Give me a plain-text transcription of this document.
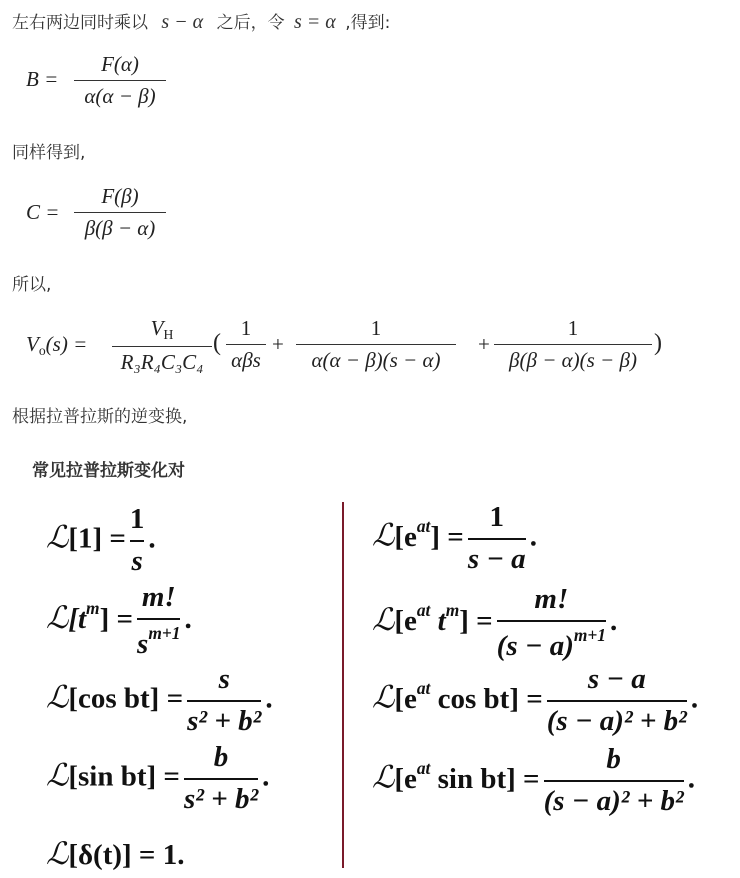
左右两边同时乘以 s − α 之后，令 s = α ,得到:
B =
F(α)
α(α − β)
同样得到,
C =
F(β)
β(β − α)
所以,
$V_o(s)$ =
$V_H$
R₃R₄C₃C₄
(
1
αβs
+
1
α(α − β)(s − α)
+
1
β(β − α)(s − β)
)
根据拉普拉斯的逆变换,
常见拉普拉斯变化对
ℒ[1] = $\frac{1}{s}$ .
$ℒ[t^m] = \frac{m!}{s^{m+1}}$ .
ℒ[cos $bt] = \frac{s}{\text{s² + b²}}$ .
ℒ[sin $bt] = \frac{b}{\text{s² + b²}}$ .
ℒ[δ(t)] = 1.
$ℒ[e^{at}] = \frac{1}{s - a}$ .
$ℒ[e^{at}$ $t^m] = \frac{m!}{(s - a)^{m+1}}$ .
$ℒ[e^{at}$ $\cos bt] = \frac{s - a}{\text{(s − a)² + b²}}$ .
$ℒ[e^{at}$ $\sin bt] = \frac{b}{\text{(s − a)² + b²}}$ .
